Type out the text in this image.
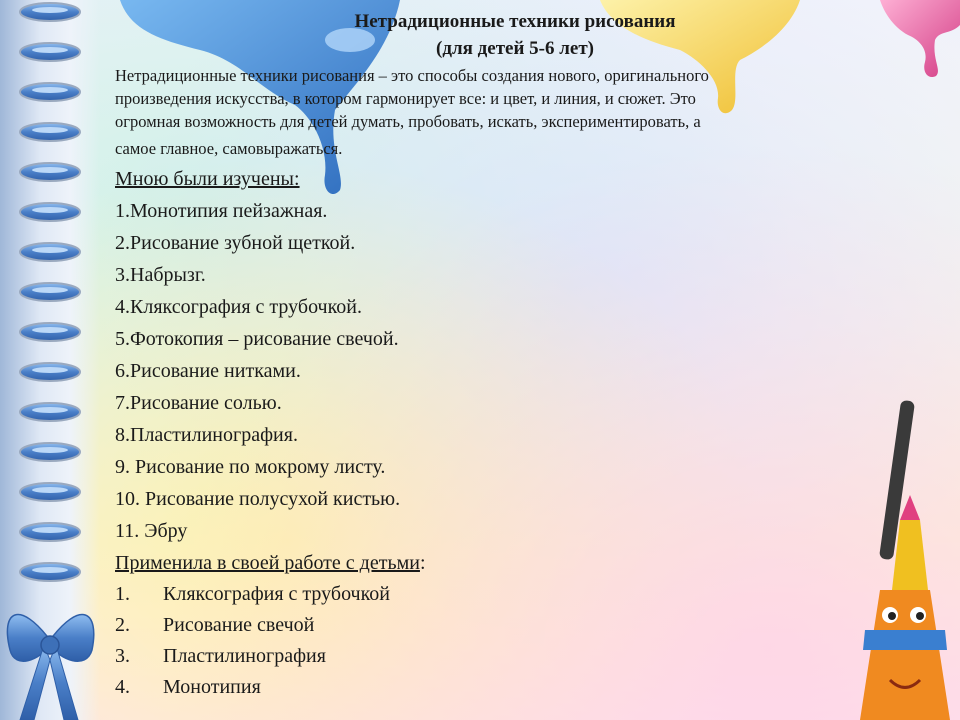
Нетрадиционные техники рисования
(для детей 5-6 лет)
Нетрадиционные техники рисования – это способы создания нового, оригинального
произведения искусства, в котором гармонирует все: и цвет, и линия, и сюжет. Это
огромная возможность для детей думать, пробовать, искать, экспериментировать, а
самое главное, самовыражаться.
Мною были изучены:
1.Монотипия пейзажная.
2.Рисование зубной щеткой.
3.Набрызг.
4.Кляксография с трубочкой.
5.Фотокопия – рисование свечой.
6.Рисование нитками.
7.Рисование солью.
8.Пластилинография.
9. Рисование по мокрому листу.
10. Рисование полусухой кистью.
11. Эбру
Применила в своей работе с детьми:
1.	Кляксография с трубочкой
2.	Рисование свечой
3.	Пластилинография
4.	Монотипия
